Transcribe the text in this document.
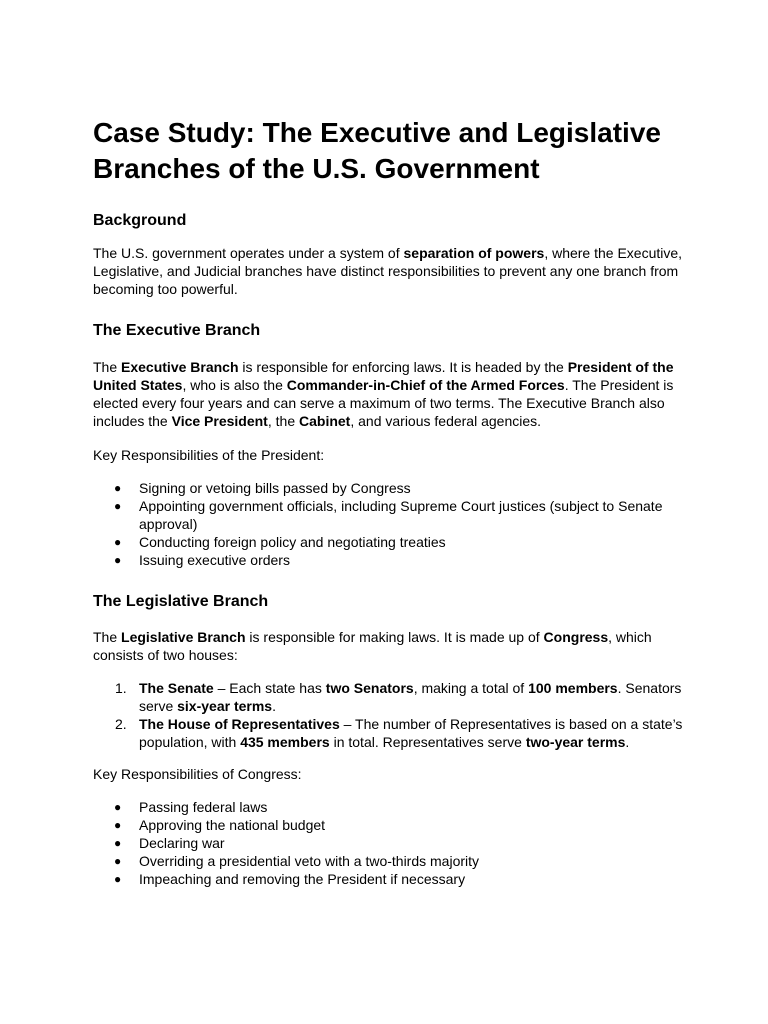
Case Study: The Executive and Legislative Branches of the U.S. Government
Background

The U.S. government operates under a system of separation of powers, where the Executive, Legislative, and Judicial branches have distinct responsibilities to prevent any one branch from becoming too powerful.

The Executive Branch

The Executive Branch is responsible for enforcing laws. It is headed by the President of the United States, who is also the Commander-in-Chief of the Armed Forces. The President is elected every four years and can serve a maximum of two terms. The Executive Branch also includes the Vice President, the Cabinet, and various federal agencies.

Key Responsibilities of the President:

● Signing or vetoing bills passed by Congress
● Appointing government officials, including Supreme Court justices (subject to Senate approval)
● Conducting foreign policy and negotiating treaties
● Issuing executive orders
The Legislative Branch

The Legislative Branch is responsible for making laws. It is made up of Congress, which consists of two houses:

1. The Senate – Each state has two Senators, making a total of 100 members. Senators serve six-year terms.
2. The House of Representatives – The number of Representatives is based on a state’s population, with 435 members in total. Representatives serve two-year terms.

Key Responsibilities of Congress:

● Passing federal laws
● Approving the national budget
● Declaring war
● Overriding a presidential veto with a two-thirds majority
● Impeaching and removing the President if necessary
